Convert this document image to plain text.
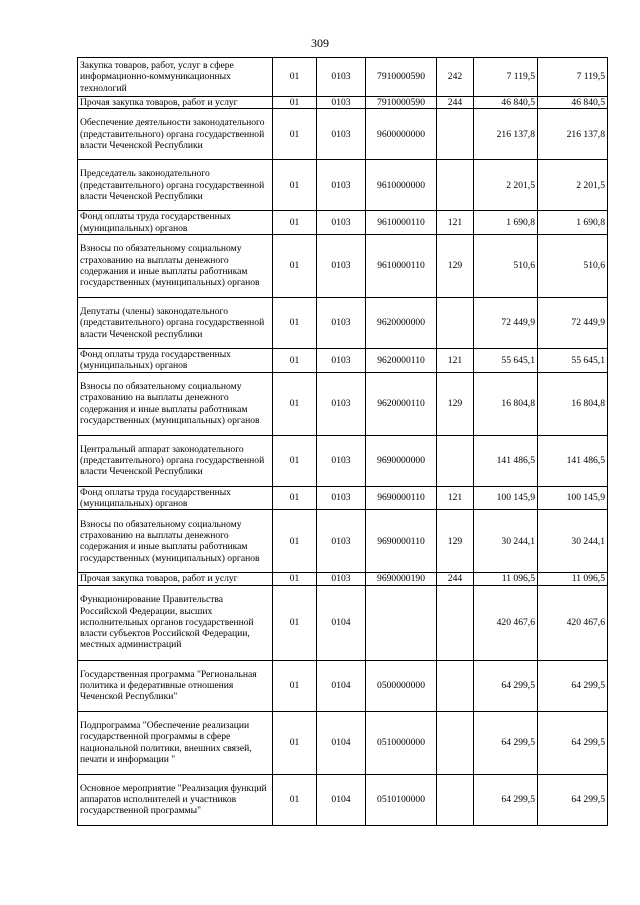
309
Закупка товаров, работ, услуг в сфере информационно-коммуникационных технологий	01	0103	7910000590	242	7 119,5	7 119,5
Прочая закупка товаров, работ и услуг	01	0103	7910000590	244	46 840,5	46 840,5
Обеспечение деятельности законодательного (представительного) органа государственной власти Чеченской Республики	01	0103	9600000000		216 137,8	216 137,8
Председатель законодательного (представительного) органа государственной власти Чеченской Республики	01	0103	9610000000		2 201,5	2 201,5
Фонд оплаты труда государственных (муниципальных) органов	01	0103	9610000110	121	1 690,8	1 690,8
Взносы по обязательному социальному страхованию на выплаты денежного содержания и иные выплаты работникам государственных (муниципальных) органов	01	0103	9610000110	129	510,6	510,6
Депутаты (члены) законодательного (представительного) органа государственной власти Чеченской республики	01	0103	9620000000		72 449,9	72 449,9
Фонд оплаты труда государственных (муниципальных) органов	01	0103	9620000110	121	55 645,1	55 645,1
Взносы по обязательному социальному страхованию на выплаты денежного содержания и иные выплаты работникам государственных (муниципальных) органов	01	0103	9620000110	129	16 804,8	16 804,8
Центральный аппарат законодательного (представительного) органа государственной власти Чеченской Республики	01	0103	9690000000		141 486,5	141 486,5
Фонд оплаты труда государственных (муниципальных) органов	01	0103	9690000110	121	100 145,9	100 145,9
Взносы по обязательному социальному страхованию на выплаты денежного содержания и иные выплаты работникам государственных (муниципальных) органов	01	0103	9690000110	129	30 244,1	30 244,1
Прочая закупка товаров, работ и услуг	01	0103	9690000190	244	11 096,5	11 096,5
Функционирование Правительства Российской Федерации, высших исполнительных органов государственной власти субъектов Российской Федерации, местных администраций	01	0104			420 467,6	420 467,6
Государственная программа "Региональная политика и федеративные отношения Чеченской Республики"	01	0104	0500000000		64 299,5	64 299,5
Подпрограмма "Обеспечение реализации государственной программы в сфере национальной политики, внешних связей, печати и информации "	01	0104	0510000000		64 299,5	64 299,5
Основное мероприятие "Реализация функций аппаратов исполнителей и участников государственной программы"	01	0104	0510100000		64 299,5	64 299,5
